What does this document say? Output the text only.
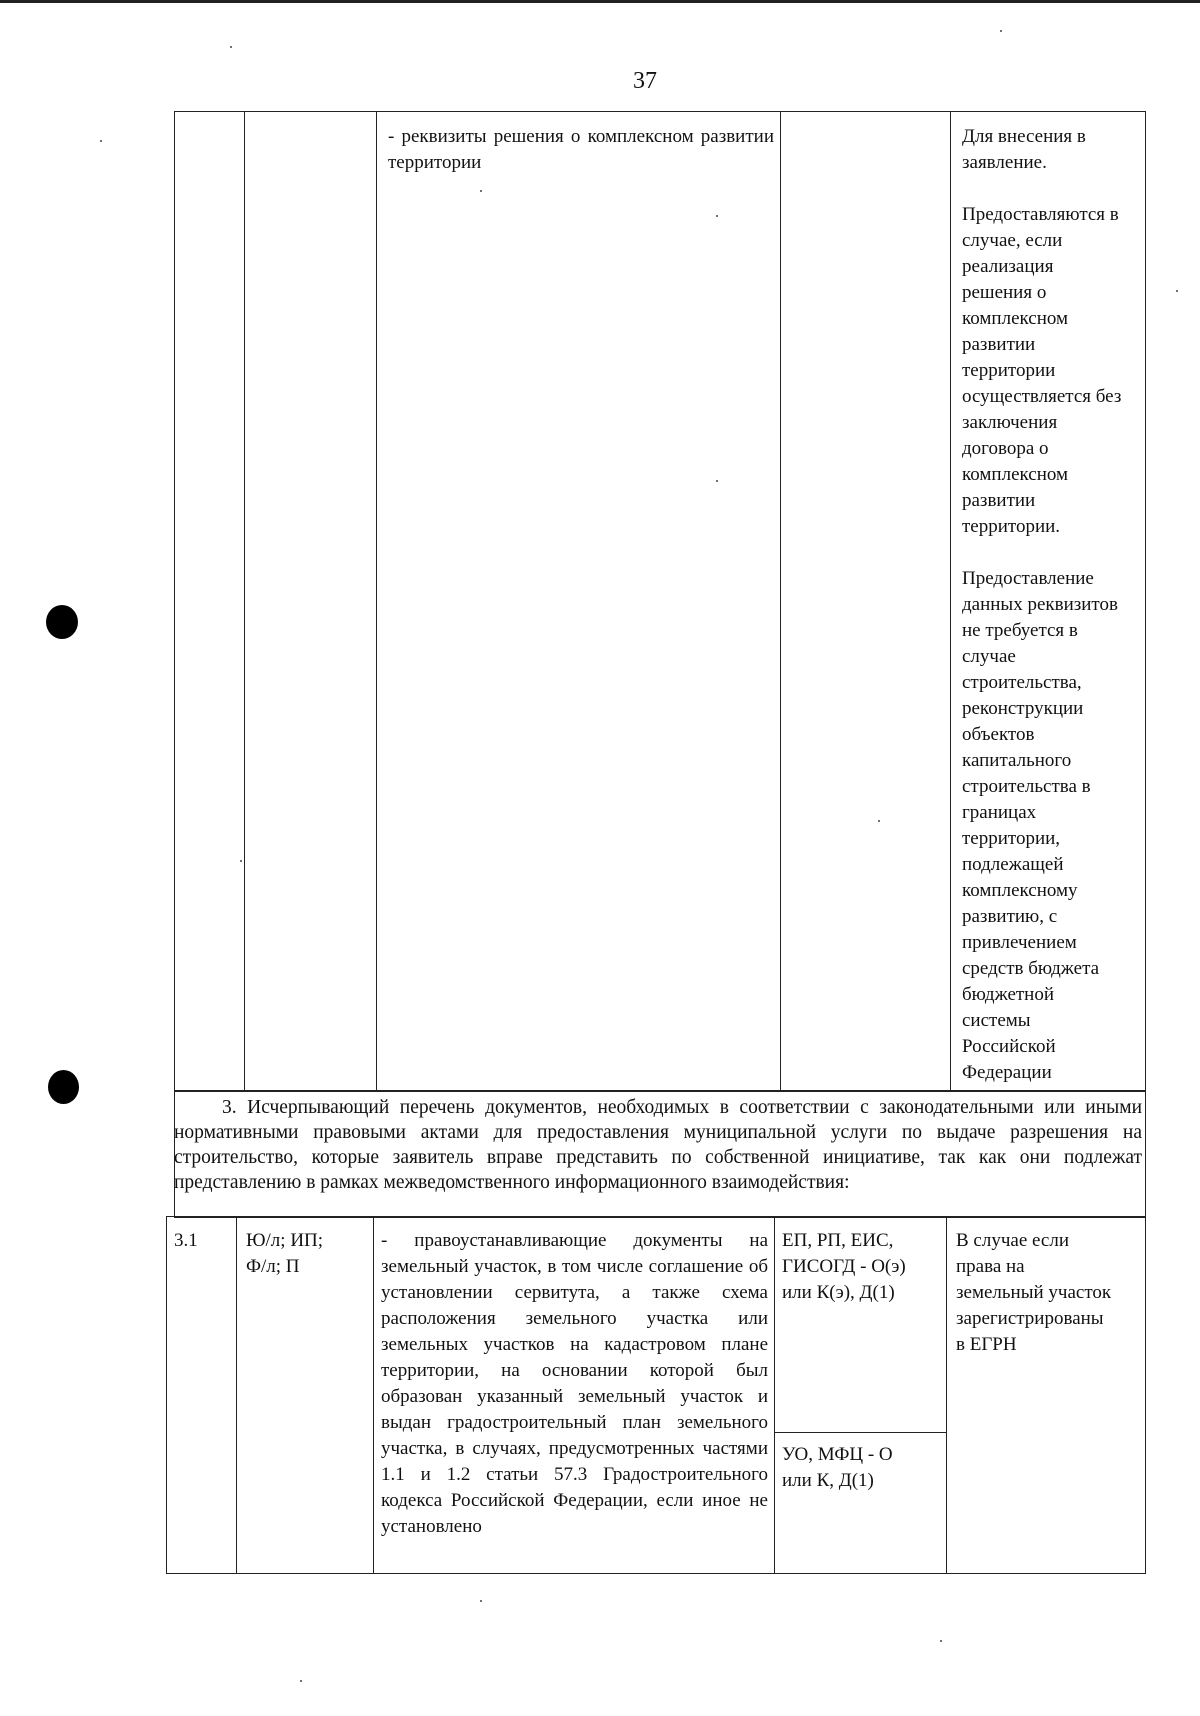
37
- реквизиты решения о комплексном развитии территории
Для внесения в
заявление.

Предоставляются в
случае, если
реализация
решения о
комплексном
развитии
территории
осуществляется без
заключения
договора о
комплексном
развитии
территории.

Предоставление
данных реквизитов
не требуется в
случае
строительства,
реконструкции
объектов
капитального
строительства в
границах
территории,
подлежащей
комплексному
развитию, с
привлечением
средств бюджета
бюджетной
системы
Российской
Федерации
3. Исчерпывающий перечень документов, необходимых в соответствии с законодательными или иными нормативными правовыми актами для предоставления муниципальной услуги по выдаче разрешения на строительство, которые заявитель вправе представить по собственной инициативе, так как они подлежат представлению в рамках межведомственного информационного взаимодействия:
3.1	Ю/л; ИП;
Ф/л; П
- правоустанавливающие документы на земельный участок, в том числе соглашение об установлении сервитута, а также схема расположения земельного участка или земельных участков на кадастровом плане территории, на основании которой был образован указанный земельный участок и выдан градостроительный план земельного участка, в случаях, предусмотренных частями 1.1 и 1.2 статьи 57.3 Градостроительного кодекса Российской Федерации, если иное не установлено
ЕП, РП, ЕИС,
ГИСОГД - О(э)
или К(э), Д(1)
УО, МФЦ - О
или К, Д(1)
В случае если
права на
земельный участок
зарегистрированы
в ЕГРН
